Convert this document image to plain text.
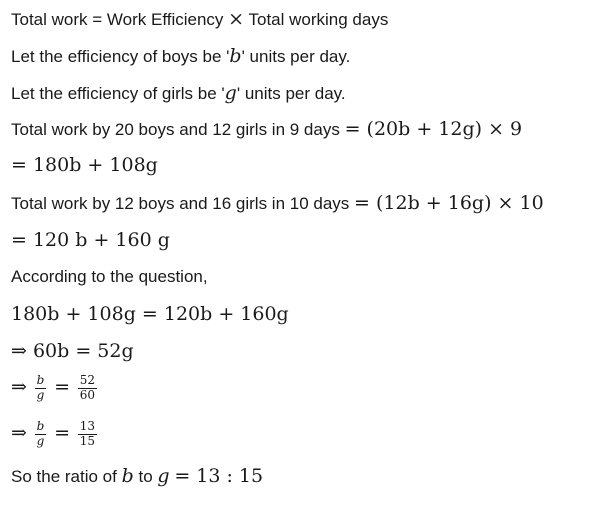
Total work = Work Efficiency × Total working days
Let the efficiency of boys be 'b' units per day.
Let the efficiency of girls be 'g' units per day.
Total work by 20 boys and 12 girls in 9 days = (20b + 12g) × 9
= 180b + 108g
Total work by 12 boys and 16 girls in 10 days = (12b + 16g) × 10
= 120 b + 160 g
According to the question,
180b + 108g = 120b + 160g
⇒ 60b = 52g
⇒ $\frac{b}{g} = \frac{52}{60}$
⇒ $\frac{b}{g} = \frac{13}{15}$
So the ratio of b to g = 13 : 15
